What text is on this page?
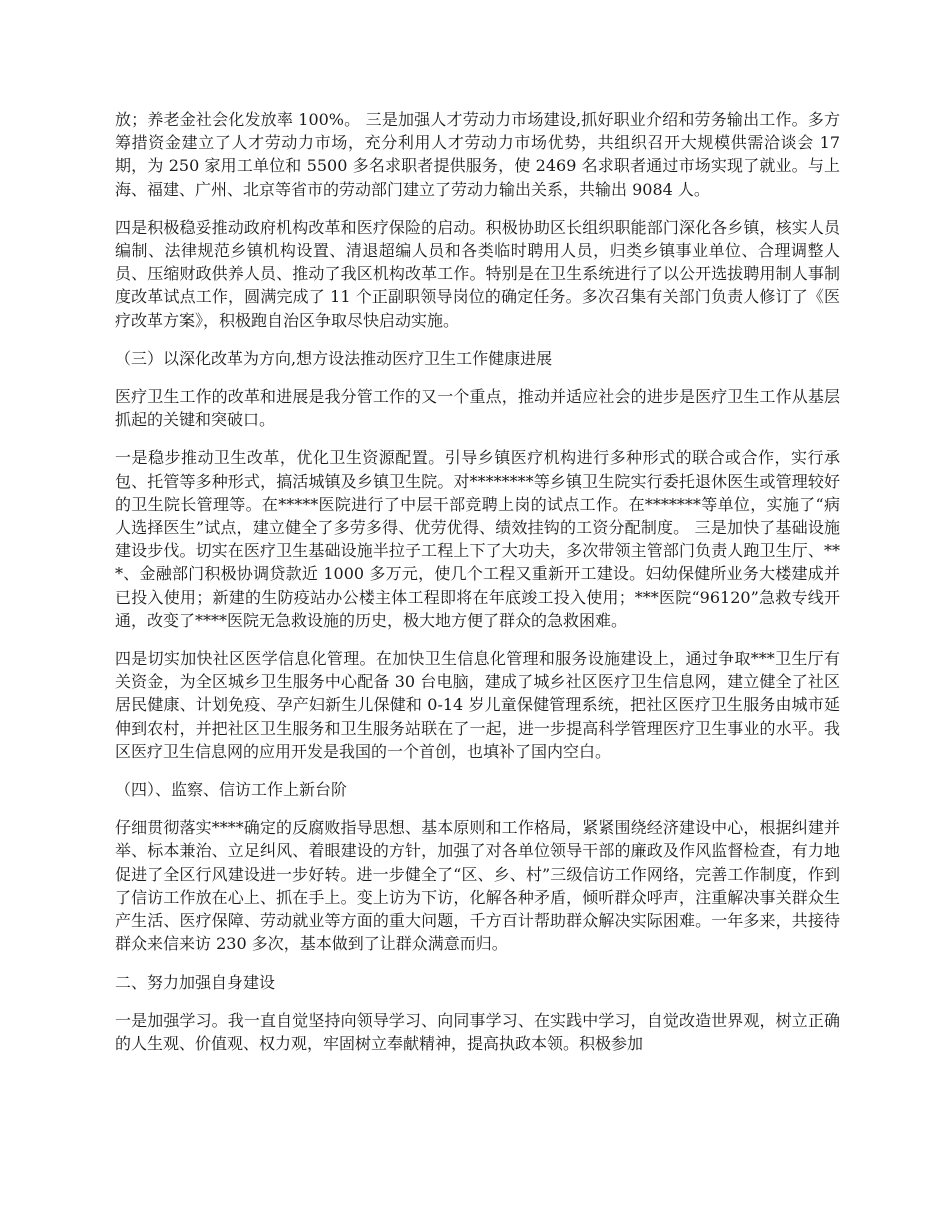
放；养老金社会化发放率 100%。 三是加强人才劳动力市场建设,抓好职业介绍和劳务输出工作。多方筹措资金建立了人才劳动力市场，充分利用人才劳动力市场优势，共组织召开大规模供需洽谈会 17 期，为 250 家用工单位和 5500 多名求职者提供服务，使 2469 名求职者通过市场实现了就业。与上海、福建、广州、北京等省市的劳动部门建立了劳动力输出关系，共输出 9084 人。

四是积极稳妥推动政府机构改革和医疗保险的启动。积极协助区长组织职能部门深化各乡镇，核实人员编制、法律规范乡镇机构设置、清退超编人员和各类临时聘用人员，归类乡镇事业单位、合理调整人员、压缩财政供养人员、推动了我区机构改革工作。特别是在卫生系统进行了以公开选拔聘用制人事制度改革试点工作，圆满完成了 11 个正副职领导岗位的确定任务。多次召集有关部门负责人修订了《医疗改革方案》，积极跑自治区争取尽快启动实施。

（三）以深化改革为方向,想方设法推动医疗卫生工作健康进展

医疗卫生工作的改革和进展是我分管工作的又一个重点，推动并适应社会的进步是医疗卫生工作从基层抓起的关键和突破口。

一是稳步推动卫生改革，优化卫生资源配置。引导乡镇医疗机构进行多种形式的联合或合作，实行承包、托管等多种形式，搞活城镇及乡镇卫生院。对********等乡镇卫生院实行委托退休医生或管理较好的卫生院长管理等。在*****医院进行了中层干部竞聘上岗的试点工作。在*******等单位，实施了“病人选择医生”试点，建立健全了多劳多得、优劳优得、绩效挂钩的工资分配制度。 三是加快了基础设施建设步伐。切实在医疗卫生基础设施半拉子工程上下了大功夫，多次带领主管部门负责人跑卫生厅、***、金融部门积极协调贷款近 1000 多万元，使几个工程又重新开工建设。妇幼保健所业务大楼建成并已投入使用；新建的生防疫站办公楼主体工程即将在年底竣工投入使用；***医院“96120”急救专线开通，改变了****医院无急救设施的历史，极大地方便了群众的急救困难。

四是切实加快社区医学信息化管理。在加快卫生信息化管理和服务设施建设上，通过争取***卫生厅有关资金，为全区城乡卫生服务中心配备 30 台电脑，建成了城乡社区医疗卫生信息网，建立健全了社区居民健康、计划免疫、孕产妇新生儿保健和 0-14 岁儿童保健管理系统，把社区医疗卫生服务由城市延伸到农村，并把社区卫生服务和卫生服务站联在了一起，进一步提高科学管理医疗卫生事业的水平。我区医疗卫生信息网的应用开发是我国的一个首创，也填补了国内空白。

（四）、监察、信访工作上新台阶

仔细贯彻落实****确定的反腐败指导思想、基本原则和工作格局，紧紧围绕经济建设中心，根据纠建并举、标本兼治、立足纠风、着眼建设的方针，加强了对各单位领导干部的廉政及作风监督检查，有力地促进了全区行风建设进一步好转。进一步健全了“区、乡、村”三级信访工作网络，完善工作制度，作到了信访工作放在心上、抓在手上。变上访为下访，化解各种矛盾，倾听群众呼声，注重解决事关群众生产生活、医疗保障、劳动就业等方面的重大问题，千方百计帮助群众解决实际困难。一年多来，共接待群众来信来访 230 多次，基本做到了让群众满意而归。

二、努力加强自身建设

一是加强学习。我一直自觉坚持向领导学习、向同事学习、在实践中学习，自觉改造世界观，树立正确的人生观、价值观、权力观，牢固树立奉献精神，提高执政本领。积极参加
